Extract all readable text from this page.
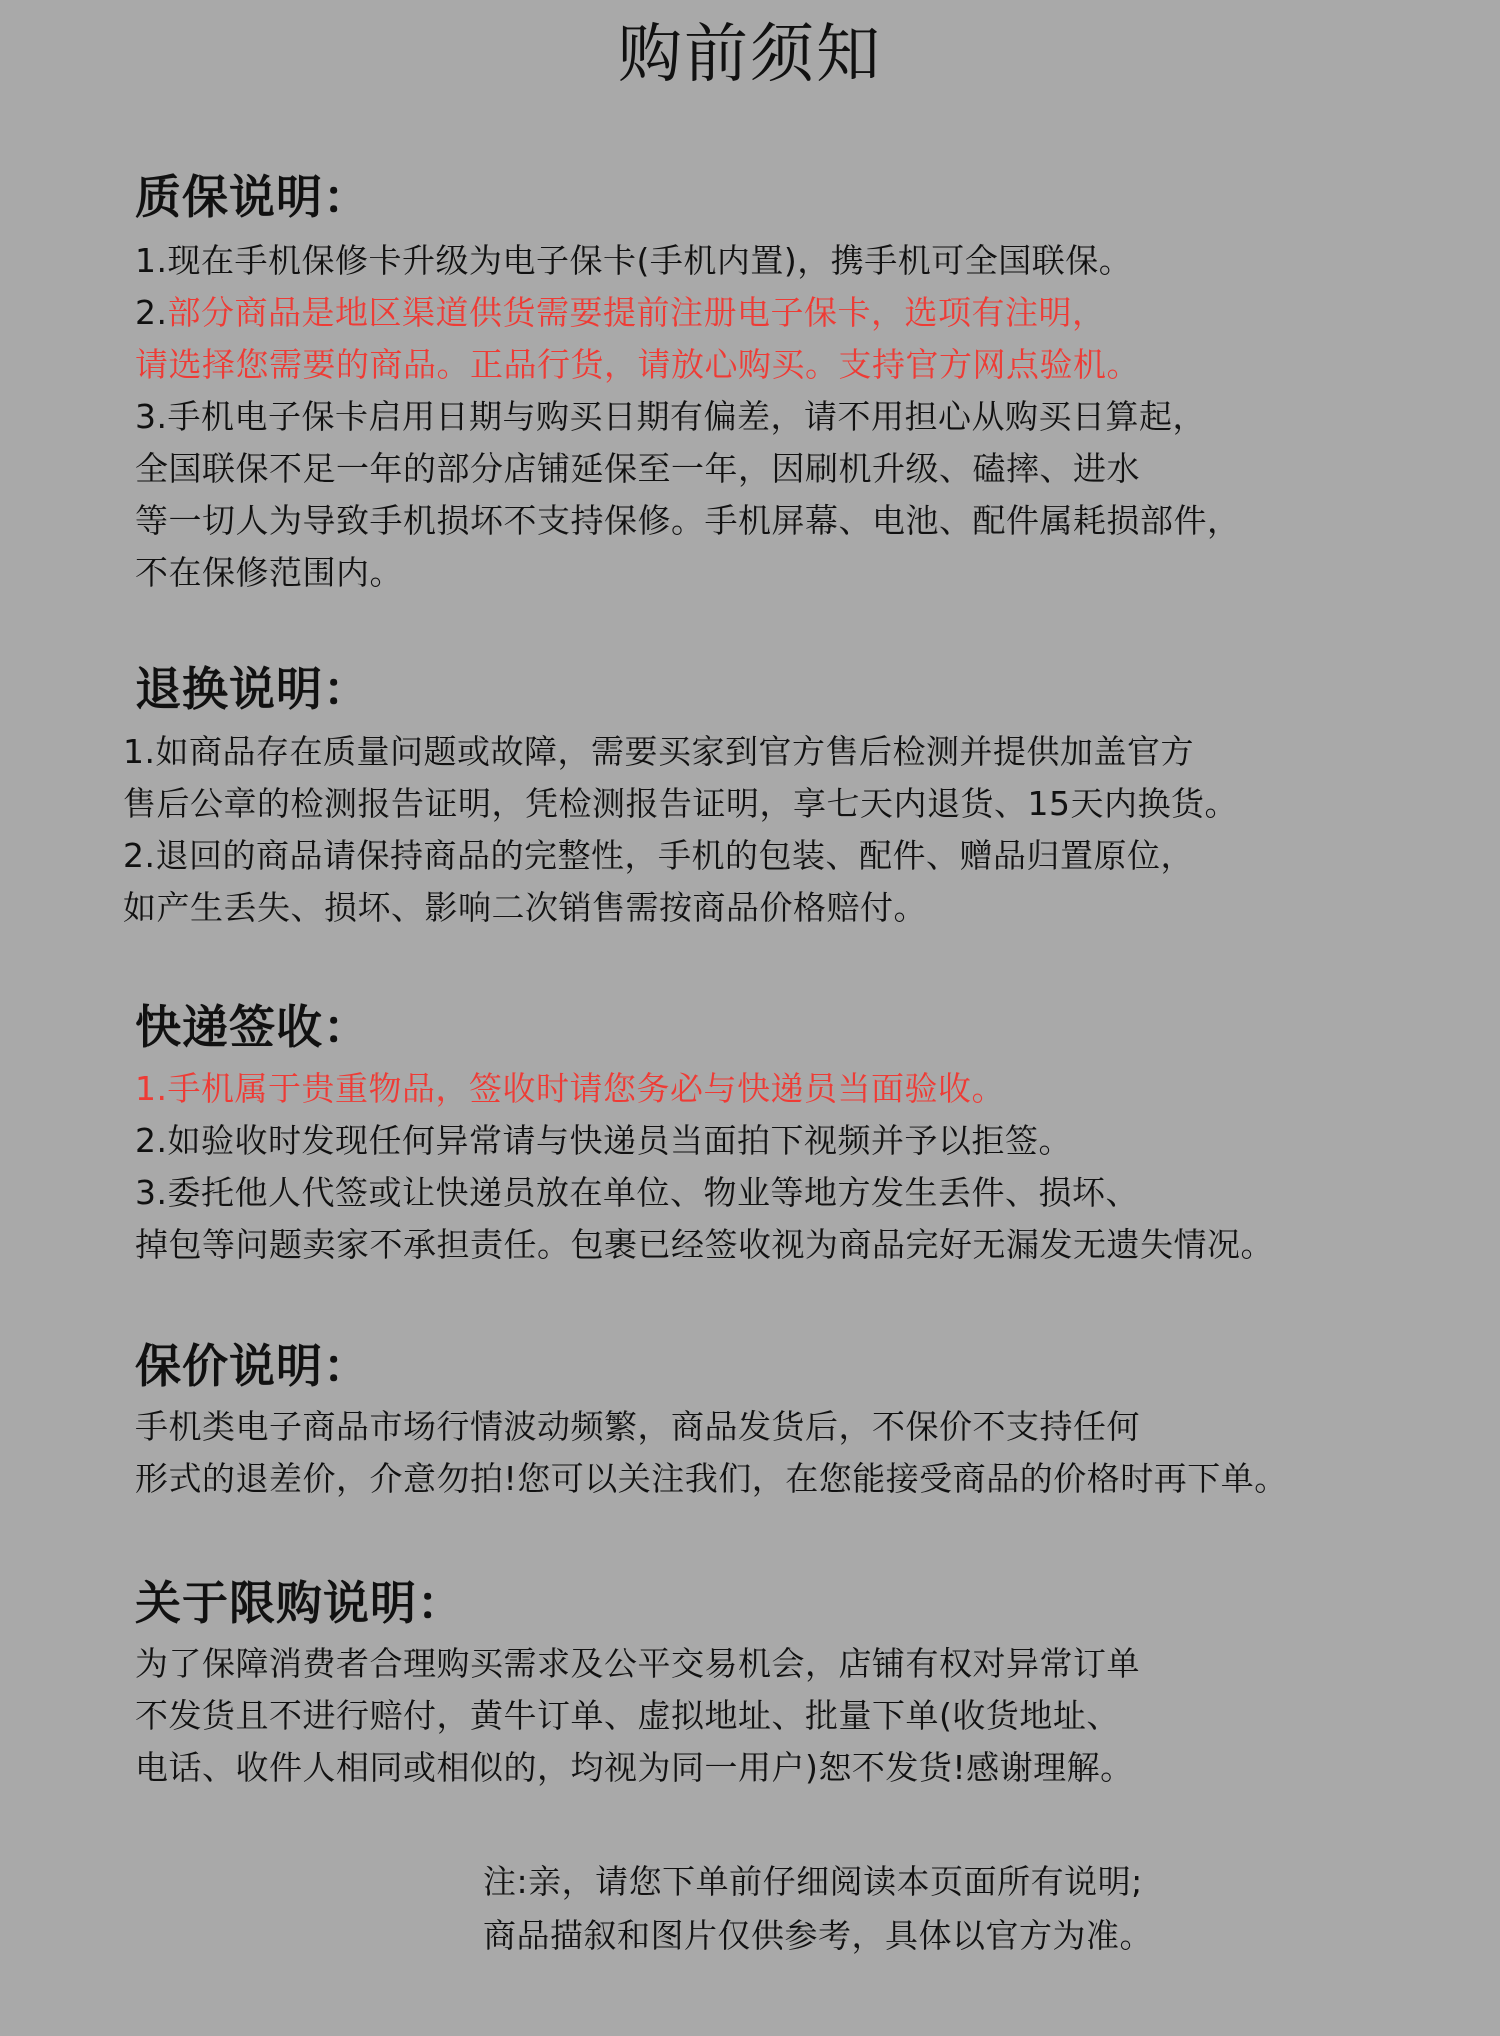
购前须知
质保说明：
1.现在手机保修卡升级为电子保卡(手机内置)，携手机可全国联保。
2.部分商品是地区渠道供货需要提前注册电子保卡，选项有注明，
请选择您需要的商品。正品行货，请放心购买。支持官方网点验机。
3.手机电子保卡启用日期与购买日期有偏差，请不用担心从购买日算起，
全国联保不足一年的部分店铺延保至一年，因刷机升级、磕摔、进水
等一切人为导致手机损坏不支持保修。手机屏幕、电池、配件属耗损部件，
不在保修范围内。
退换说明：
1.如商品存在质量问题或故障，需要买家到官方售后检测并提供加盖官方
售后公章的检测报告证明，凭检测报告证明，享七天内退货、15天内换货。
2.退回的商品请保持商品的完整性，手机的包装、配件、赠品归置原位，
如产生丢失、损坏、影响二次销售需按商品价格赔付。
快递签收：
1.手机属于贵重物品，签收时请您务必与快递员当面验收。
2.如验收时发现任何异常请与快递员当面拍下视频并予以拒签。
3.委托他人代签或让快递员放在单位、物业等地方发生丢件、损坏、
掉包等问题卖家不承担责任。包裹已经签收视为商品完好无漏发无遗失情况。
保价说明：
手机类电子商品市场行情波动频繁，商品发货后，不保价不支持任何
形式的退差价，介意勿拍!您可以关注我们，在您能接受商品的价格时再下单。
关于限购说明：
为了保障消费者合理购买需求及公平交易机会，店铺有权对异常订单
不发货且不进行赔付，黄牛订单、虚拟地址、批量下单(收货地址、
电话、收件人相同或相似的，均视为同一用户)恕不发货!感谢理解。
注:亲，请您下单前仔细阅读本页面所有说明;
商品描叙和图片仅供参考，具体以官方为准。
